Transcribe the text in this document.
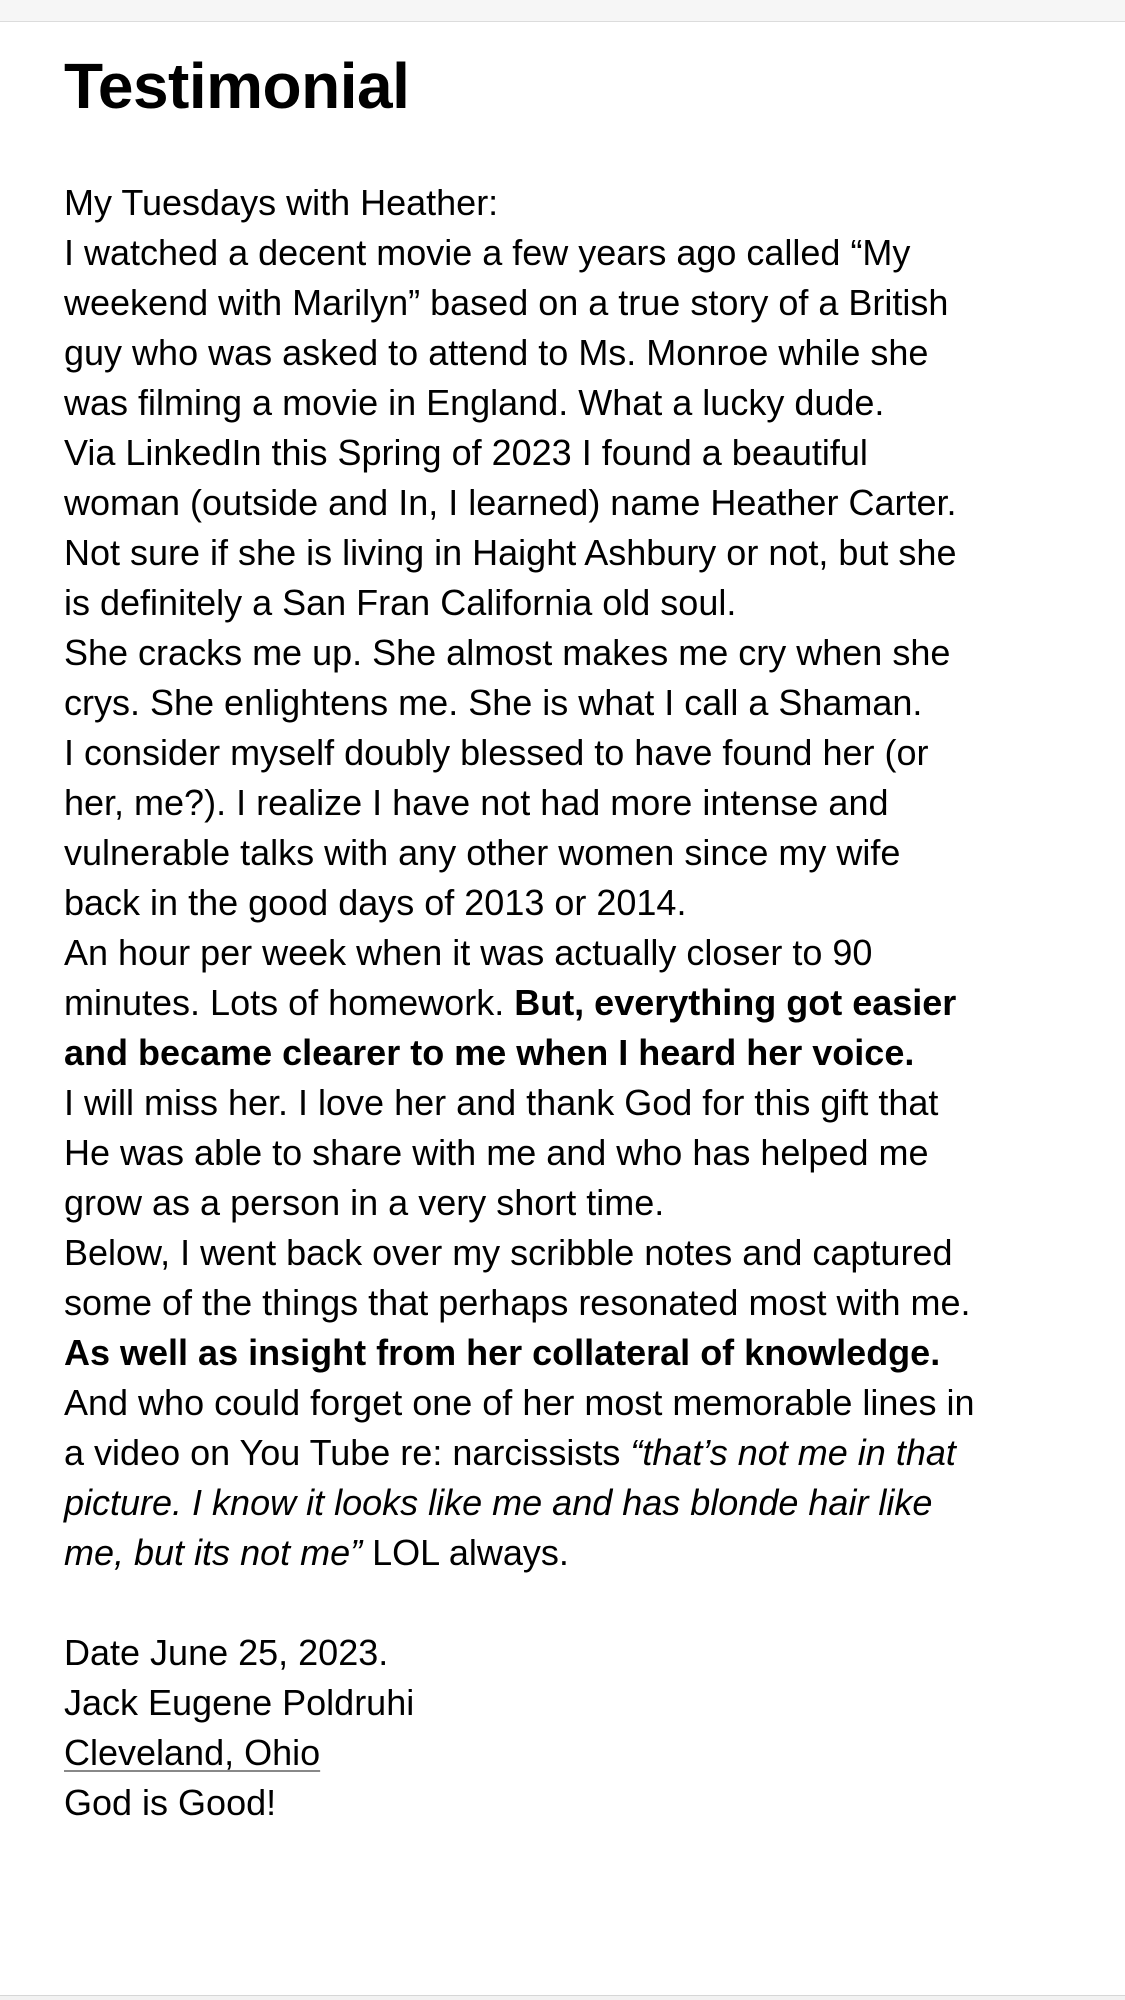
Testimonial
My Tuesdays with Heather:
I watched a decent movie a few years ago called “My
weekend with Marilyn” based on a true story of a British
guy who was asked to attend to Ms. Monroe while she
was filming a movie in England. What a lucky dude.
Via LinkedIn this Spring of 2023 I found a beautiful
woman (outside and In, I learned) name Heather Carter.
Not sure if she is living in Haight Ashbury or not, but she
is definitely a San Fran California old soul.
She cracks me up. She almost makes me cry when she
crys. She enlightens me. She is what I call a Shaman.
I consider myself doubly blessed to have found her (or
her, me?). I realize I have not had more intense and
vulnerable talks with any other women since my wife
back in the good days of 2013 or 2014.
An hour per week when it was actually closer to 90
minutes. Lots of homework. But, everything got easier
and became clearer to me when I heard her voice.
I will miss her. I love her and thank God for this gift that
He was able to share with me and who has helped me
grow as a person in a very short time.
Below, I went back over my scribble notes and captured
some of the things that perhaps resonated most with me.
As well as insight from her collateral of knowledge.
And who could forget one of her most memorable lines in
a video on You Tube re: narcissists “that’s not me in that
picture. I know it looks like me and has blonde hair like
me, but its not me” LOL always.
Date June 25, 2023.
Jack Eugene Poldruhi
Cleveland, Ohio
God is Good!
